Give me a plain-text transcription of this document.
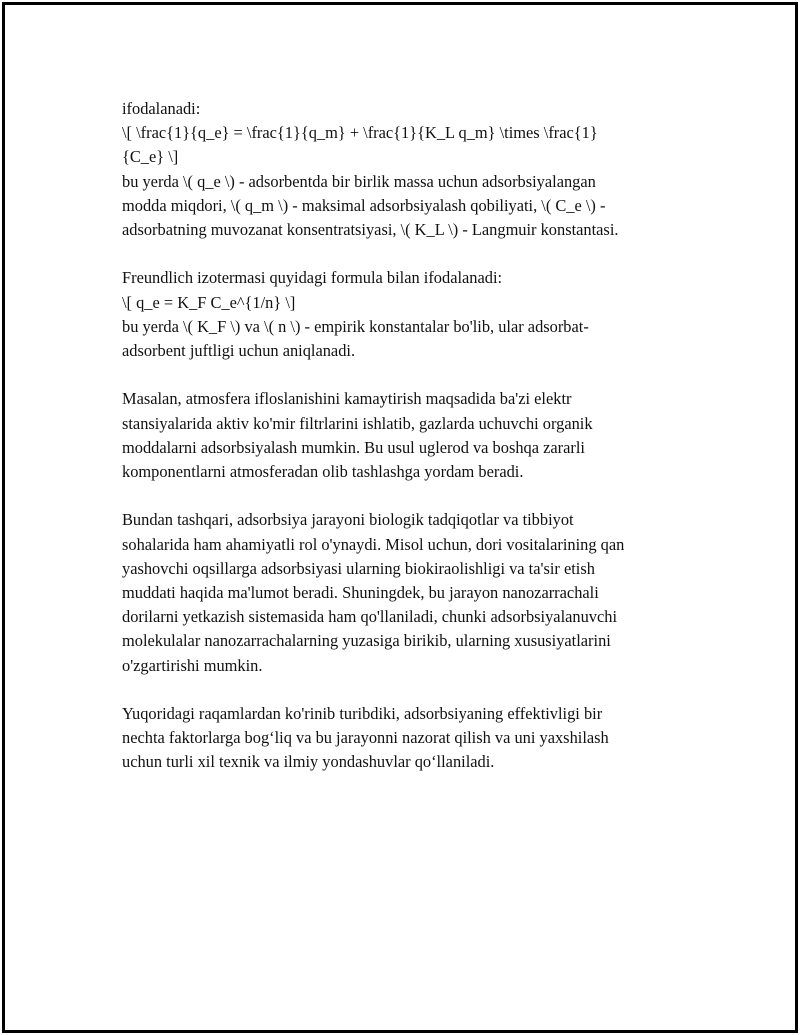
ifodalanadi:
\[ \frac{1}{q_e} = \frac{1}{q_m} + \frac{1}{K_L q_m} \times \frac{1}
{C_e} \]
bu yerda \( q_e \) - adsorbentda bir birlik massa uchun adsorbsiyalangan
modda miqdori, \( q_m \) - maksimal adsorbsiyalash qobiliyati, \( C_e \) -
adsorbatning muvozanat konsentratsiyasi, \( K_L \) - Langmuir konstantasi.

Freundlich izotermasi quyidagi formula bilan ifodalanadi:
\[ q_e = K_F C_e^{1/n} \]
bu yerda \( K_F \) va \( n \) - empirik konstantalar bo'lib, ular adsorbat-
adsorbent juftligi uchun aniqlanadi.

Masalan, atmosfera ifloslanishini kamaytirish maqsadida ba'zi elektr
stansiyalarida aktiv ko'mir filtrlarini ishlatib, gazlarda uchuvchi organik
moddalarni adsorbsiyalash mumkin. Bu usul uglerod va boshqa zararli
komponentlarni atmosferadan olib tashlashga yordam beradi.

Bundan tashqari, adsorbsiya jarayoni biologik tadqiqotlar va tibbiyot
sohalarida ham ahamiyatli rol o'ynaydi. Misol uchun, dori vositalarining qan
yashovchi oqsillarga adsorbsiyasi ularning biokiraolishligi va ta'sir etish
muddati haqida ma'lumot beradi. Shuningdek, bu jarayon nanozarrachali
dorilarni yetkazish sistemasida ham qo'llaniladi, chunki adsorbsiyalanuvchi
molekulalar nanozarrachalarning yuzasiga birikib, ularning xususiyatlarini
o'zgartirishi mumkin.

Yuqoridagi raqamlardan ko'rinib turibdiki, adsorbsiyaning effektivligi bir
nechta faktorlarga bog‘liq va bu jarayonni nazorat qilish va uni yaxshilash
uchun turli xil texnik va ilmiy yondashuvlar qo‘llaniladi.
